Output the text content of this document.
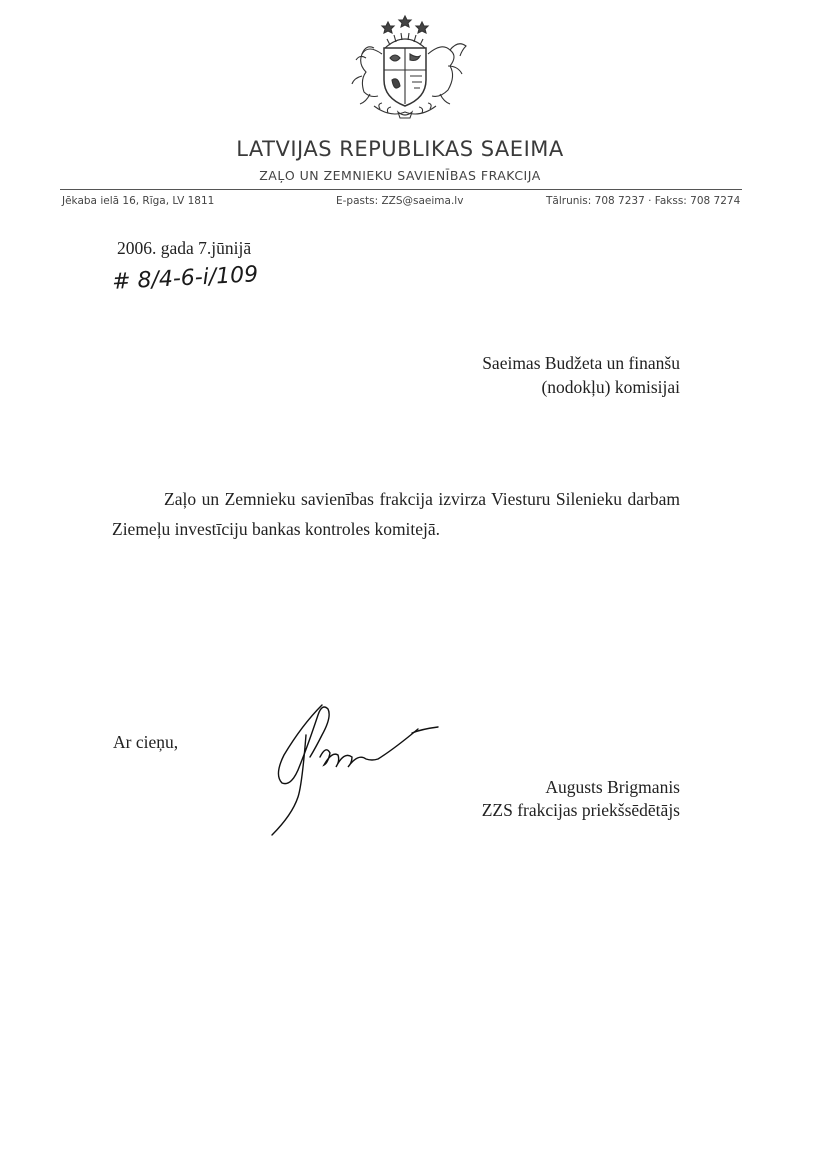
LATVIJAS REPUBLIKAS SAEIMA
ZAĻO UN ZEMNIEKU SAVIENĪBAS FRAKCIJA
Jēkaba ielā 16, Rīga, LV 1811	E-pasts: ZZS@saeima.lv	Tālrunis: 708 7237 · Fakss: 708 7274
2006. gada 7.jūnijā
# 8/4-6-i/109
Saeimas Budžeta un finanšu
(nodokļu) komisijai
Zaļo un Zemnieku savienības frakcija izvirza Viesturu Silenieku darbam Ziemeļu investīciju bankas kontroles komitejā.
Ar cieņu,
Augusts Brigmanis
ZZS frakcijas priekšsēdētājs
